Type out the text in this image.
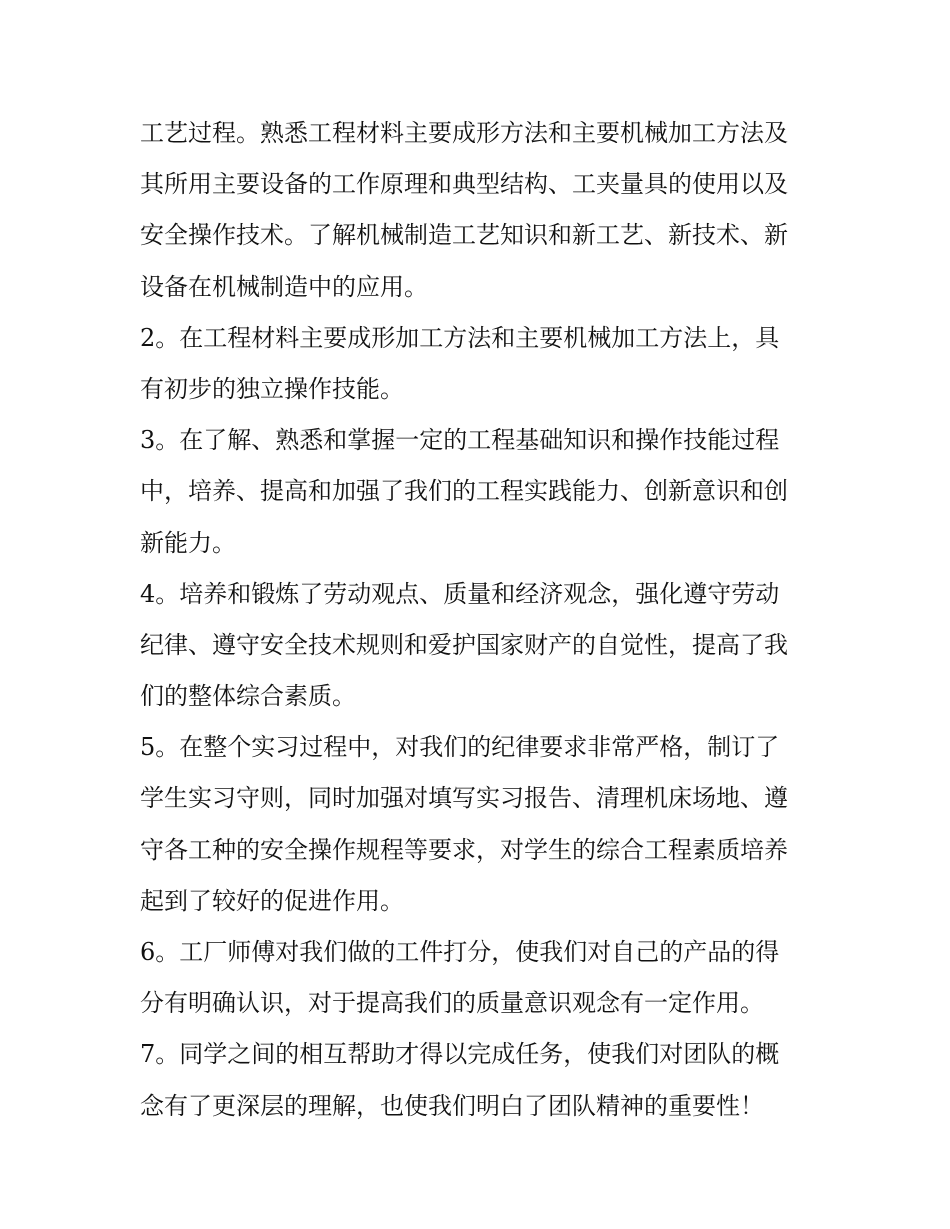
工艺过程。熟悉工程材料主要成形方法和主要机械加工方法及
其所用主要设备的工作原理和典型结构、工夹量具的使用以及
安全操作技术。了解机械制造工艺知识和新工艺、新技术、新
设备在机械制造中的应用。
2。在工程材料主要成形加工方法和主要机械加工方法上，具
有初步的独立操作技能。
3。在了解、熟悉和掌握一定的工程基础知识和操作技能过程
中，培养、提高和加强了我们的工程实践能力、创新意识和创
新能力。
4。培养和锻炼了劳动观点、质量和经济观念，强化遵守劳动
纪律、遵守安全技术规则和爱护国家财产的自觉性，提高了我
们的整体综合素质。
5。在整个实习过程中，对我们的纪律要求非常严格，制订了
学生实习守则，同时加强对填写实习报告、清理机床场地、遵
守各工种的安全操作规程等要求，对学生的综合工程素质培养
起到了较好的促进作用。
6。工厂师傅对我们做的工件打分，使我们对自己的产品的得
分有明确认识，对于提高我们的质量意识观念有一定作用。
7。同学之间的相互帮助才得以完成任务，使我们对团队的概
念有了更深层的理解，也使我们明白了团队精神的重要性！
